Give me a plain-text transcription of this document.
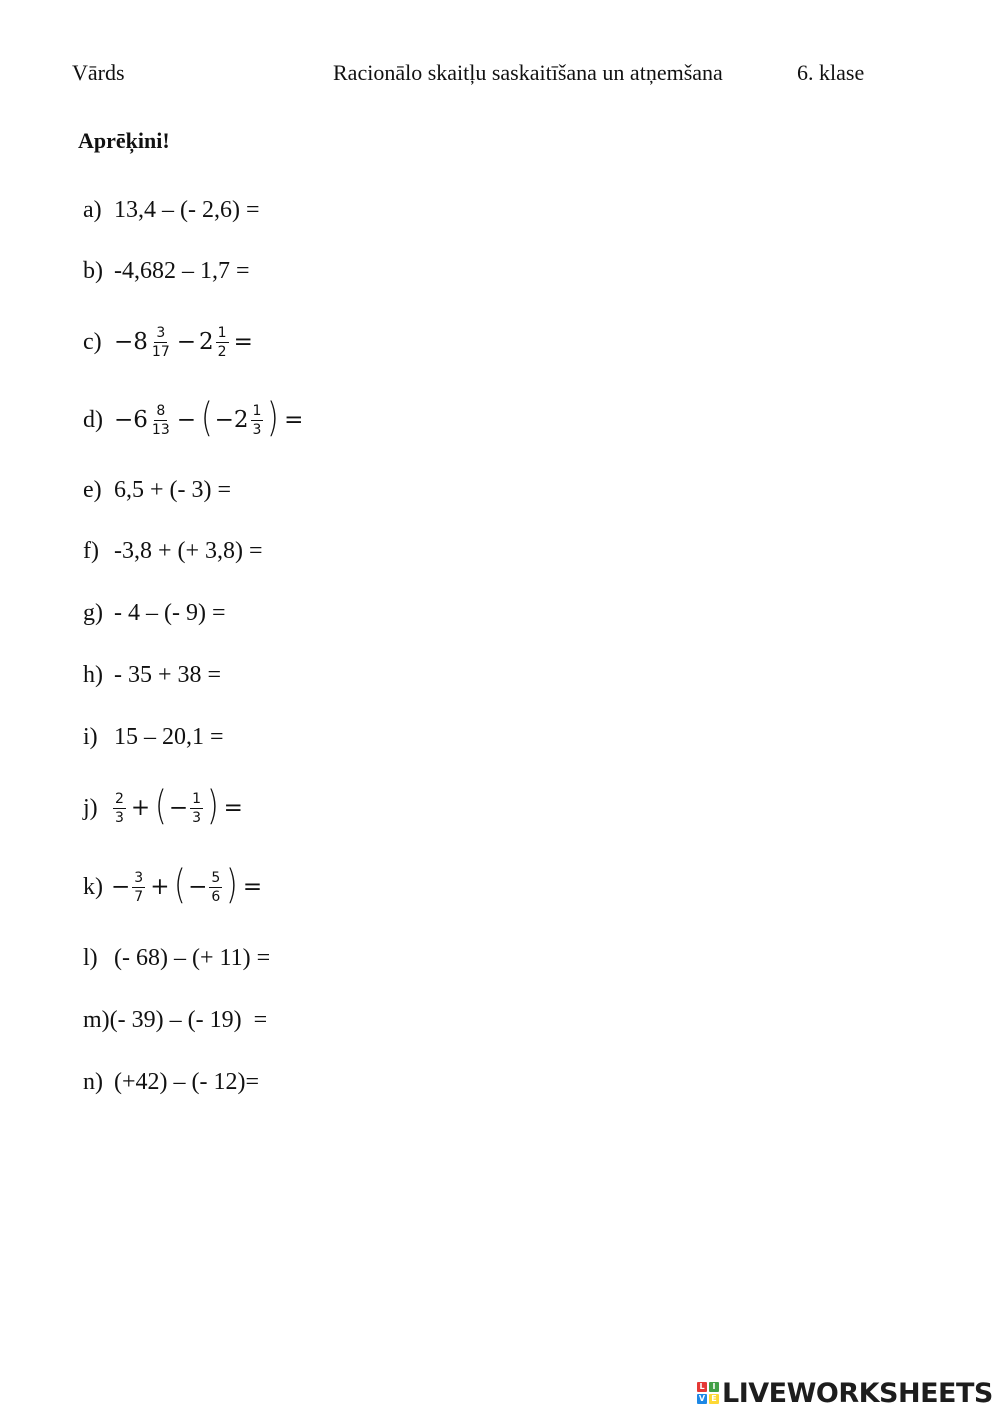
Vārds	Racionālo skaitļu saskaitīšana un atņemšana	6. klase
Aprēķini!
a) 13,4 – (- 2,6) =
b) -4,682 – 1,7 =
$c) -8 \frac{3}{17} - 2 \frac{1}{2}$ =
$d) -6 \frac{8}{13}$ − ( $-2 \frac{1}{3}$ ) =
e) 6,5 + (- 3) =
f) -3,8 + (+ 3,8) =
g) - 4 – (- 9) =
h) - 35 + 38 =
i) 15 – 20,1 =
j)	$\frac{2}{3}$ + ( − $\frac{1}{3}$ ) =
$k) - \frac{3}{7}$ + ( − $\frac{5}{6}$ ) =
l) (- 68) – (+ 11) =
m) (- 39) – (- 19)  =
n) (+42) – (- 12)=
L I
V E LIVEWORKSHEETS
